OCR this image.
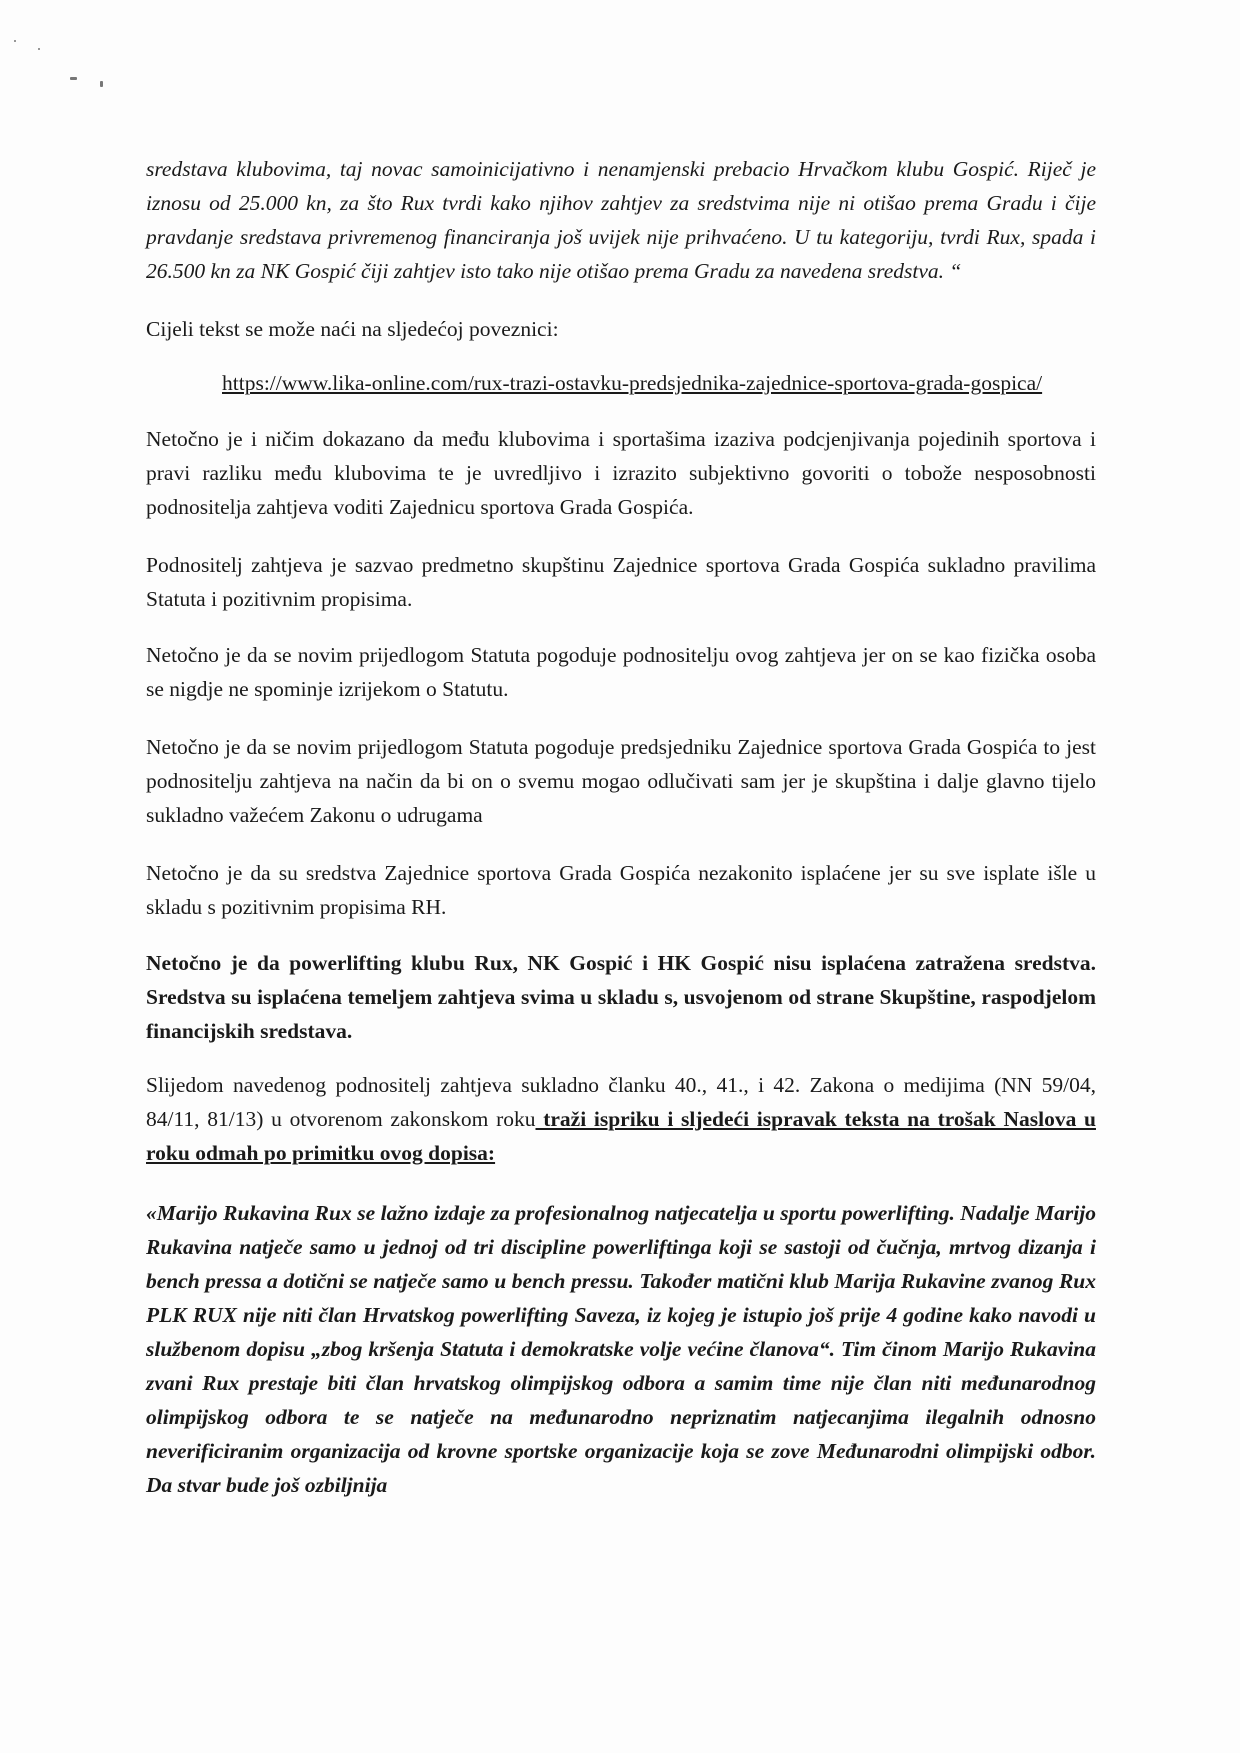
sredstava klubovima, taj novac samoinicijativno i nenamjenski prebacio Hrvačkom klubu Gospić. Riječ je iznosu od 25.000 kn, za što Rux tvrdi kako njihov zahtjev za sredstvima nije ni otišao prema Gradu i čije pravdanje sredstava privremenog financiranja još uvijek nije prihvaćeno. U tu kategoriju, tvrdi Rux, spada i 26.500 kn za NK Gospić čiji zahtjev isto tako nije otišao prema Gradu za navedena sredstva. “

Cijeli tekst se može naći na sljedećoj poveznici:

https://www.lika-online.com/rux-trazi-ostavku-predsjednika-zajednice-sportova-grada-gospica/

Netočno je i ničim dokazano da među klubovima i sportašima izaziva podcjenjivanja pojedinih sportova i pravi razliku među klubovima te je uvredljivo i izrazito subjektivno govoriti o tobože nesposobnosti podnositelja zahtjeva voditi Zajednicu sportova Grada Gospića.

Podnositelj zahtjeva je sazvao predmetno skupštinu Zajednice sportova Grada Gospića sukladno pravilima Statuta i pozitivnim propisima.

Netočno je da se novim prijedlogom Statuta pogoduje podnositelju ovog zahtjeva jer on se kao fizička osoba se nigdje ne spominje izrijekom o Statutu.

Netočno je da se novim prijedlogom Statuta pogoduje predsjedniku Zajednice sportova Grada Gospića to jest podnositelju zahtjeva na način da bi on o svemu mogao odlučivati sam jer je skupština i dalje glavno tijelo sukladno važećem Zakonu o udrugama

Netočno je da su sredstva Zajednice sportova Grada Gospića nezakonito isplaćene jer su sve isplate išle u skladu s pozitivnim propisima RH.

Netočno je da powerlifting klubu Rux, NK Gospić i HK Gospić nisu isplaćena zatražena sredstva. Sredstva su isplaćena temeljem zahtjeva svima u skladu s, usvojenom od strane Skupštine, raspodjelom financijskih sredstava.

Slijedom navedenog podnositelj zahtjeva sukladno članku 40., 41., i 42. Zakona o medijima (NN 59/04, 84/11, 81/13) u otvorenom zakonskom roku traži ispriku i sljedeći ispravak teksta na trošak Naslova u roku odmah po primitku ovog dopisa:

«Marijo Rukavina Rux se lažno izdaje za profesionalnog natjecatelja u sportu powerlifting. Nadalje Marijo Rukavina natječe samo u jednoj od tri discipline powerliftinga koji se sastoji od čučnja, mrtvog dizanja i bench pressa a dotični se natječe samo u bench pressu. Također matični klub Marija Rukavine zvanog Rux PLK RUX nije niti član Hrvatskog powerlifting Saveza, iz kojeg je istupio još prije 4 godine kako navodi u službenom dopisu „zbog kršenja Statuta i demokratske volje većine članova“. Tim činom Marijo Rukavina zvani Rux prestaje biti član hrvatskog olimpijskog odbora a samim time nije član niti međunarodnog olimpijskog odbora te se natječe na međunarodno nepriznatim natjecanjima ilegalnih odnosno neverificiranim organizacija od krovne sportske organizacije koja se zove Međunarodni olimpijski odbor. Da stvar bude još ozbiljnija
